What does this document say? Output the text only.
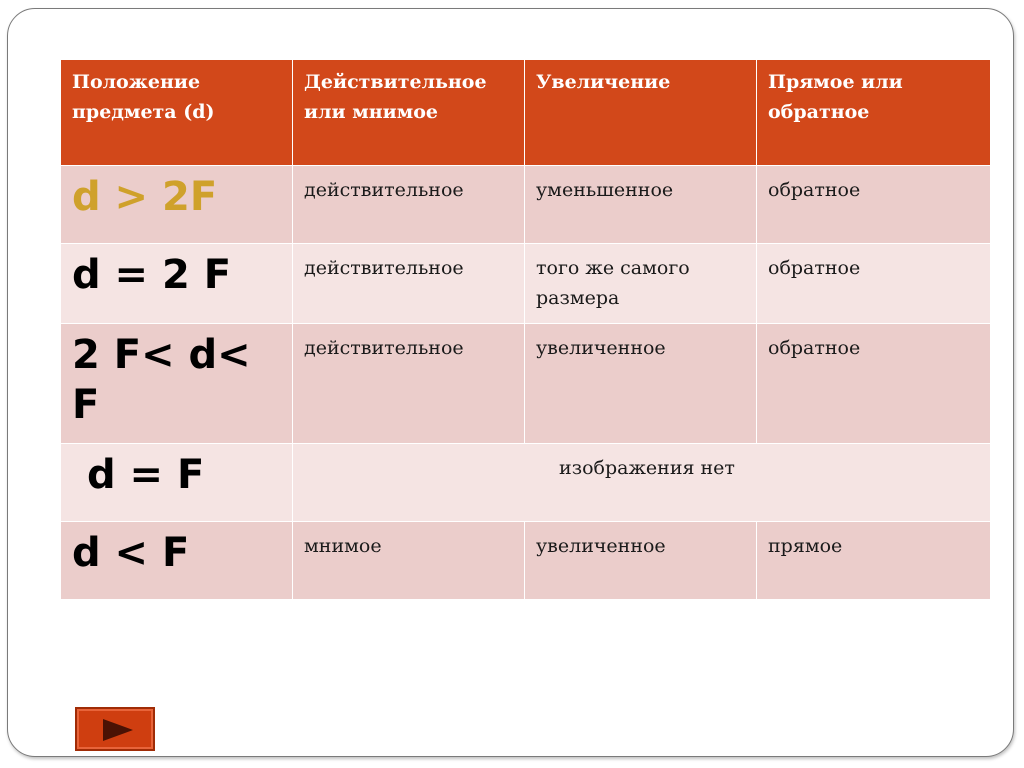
Положение предмета (d)	Действительное или мнимое	Увеличение	Прямое или обратное
d > 2F	действительное	уменьшенное	обратное
d = 2 F	действительное	того же самого размера	обратное
2 F< d< F	действительное	увеличенное	обратное
d = F	изображения нет		
d < F	мнимое	увеличенное	прямое
